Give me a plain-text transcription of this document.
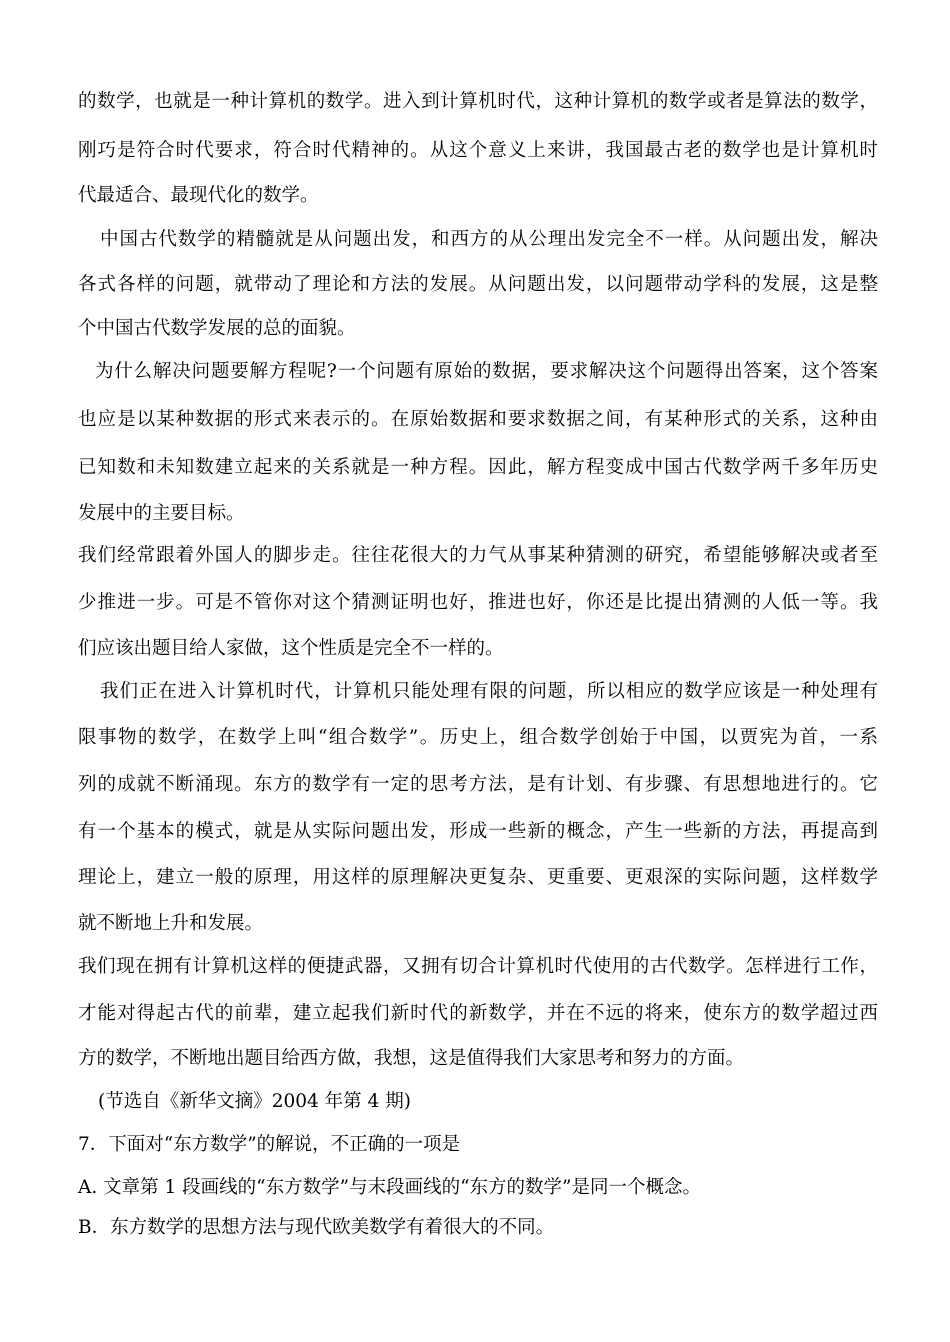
的数学，也就是一种计算机的数学。进入到计算机时代，这种计算机的数学或者是算法的数学，
刚巧是符合时代要求，符合时代精神的。从这个意义上来讲，我国最古老的数学也是计算机时
代最适合、最现代化的数学。
中国古代数学的精髓就是从问题出发，和西方的从公理出发完全不一样。从问题出发，解决
各式各样的问题，就带动了理论和方法的发展。从问题出发，以问题带动学科的发展，这是整
个中国古代数学发展的总的面貌。
为什么解决问题要解方程呢?一个问题有原始的数据，要求解决这个问题得出答案，这个答案
也应是以某种数据的形式来表示的。在原始数据和要求数据之间，有某种形式的关系，这种由
已知数和未知数建立起来的关系就是一种方程。因此，解方程变成中国古代数学两千多年历史
发展中的主要目标。
我们经常跟着外国人的脚步走。往往花很大的力气从事某种猜测的研究，希望能够解决或者至
少推进一步。可是不管你对这个猜测证明也好，推进也好，你还是比提出猜测的人低一等。我
们应该出题目给人家做，这个性质是完全不一样的。
我们正在进入计算机时代，计算机只能处理有限的问题，所以相应的数学应该是一种处理有
限事物的数学，在数学上叫“组合数学”。历史上，组合数学创始于中国，以贾宪为首，一系
列的成就不断涌现。东方的数学有一定的思考方法，是有计划、有步骤、有思想地进行的。它
有一个基本的模式，就是从实际问题出发，形成一些新的概念，产生一些新的方法，再提高到
理论上，建立一般的原理，用这样的原理解决更复杂、更重要、更艰深的实际问题，这样数学
就不断地上升和发展。
我们现在拥有计算机这样的便捷武器，又拥有切合计算机时代使用的古代数学。怎样进行工作，
才能对得起古代的前辈，建立起我们新时代的新数学，并在不远的将来，使东方的数学超过西
方的数学，不断地出题目给西方做，我想，这是值得我们大家思考和努力的方面。
(节选自《新华文摘》2004 年第 4 期)
7．下面对“东方数学”的解说，不正确的一项是
A. 文章第 1 段画线的“东方数学”与末段画线的“东方的数学”是同一个概念。
B．东方数学的思想方法与现代欧美数学有着很大的不同。
